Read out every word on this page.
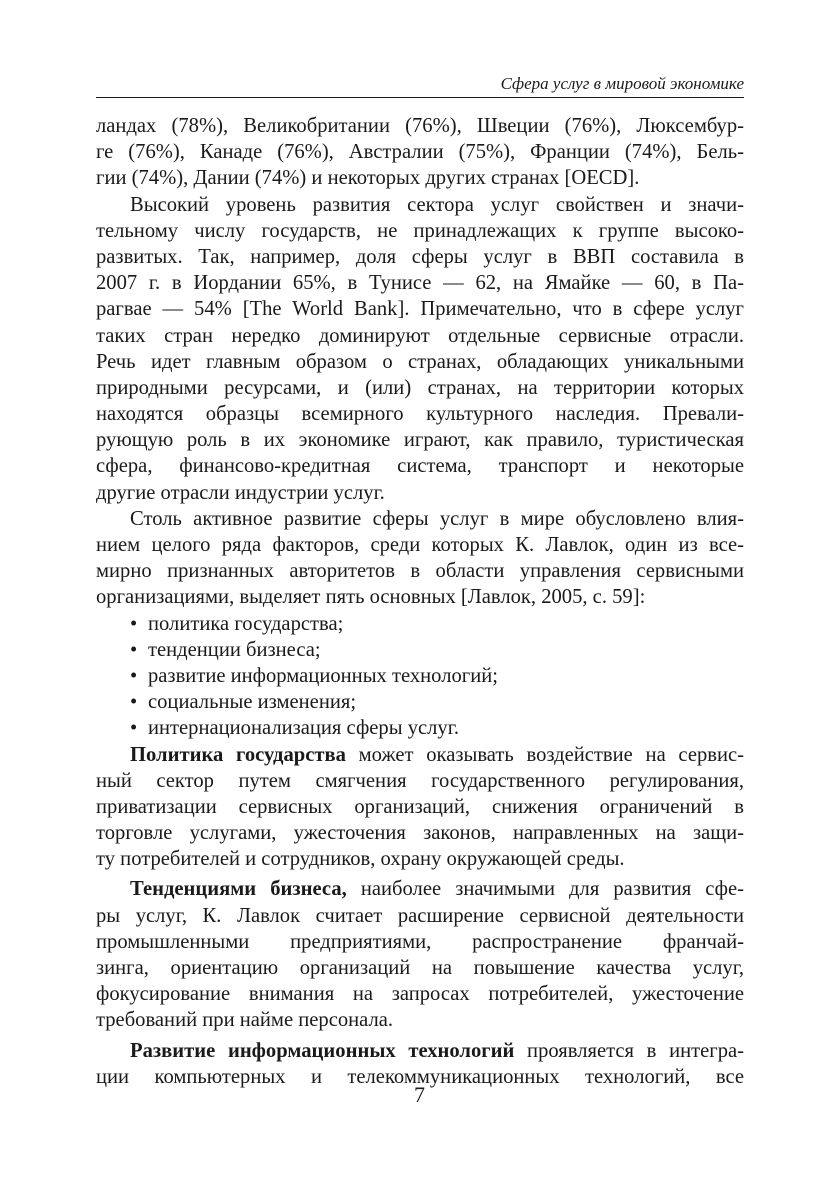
Сфера услуг в мировой экономике
ландах (78%), Великобритании (76%), Швеции (76%), Люксембур-
ге (76%), Канаде (76%), Австралии (75%), Франции (74%), Бель-
гии (74%), Дании (74%) и некоторых других странах [OECD].
Высокий уровень развития сектора услуг свойствен и значи-
тельному числу государств, не принадлежащих к группе высоко-
развитых. Так, например, доля сферы услуг в ВВП составила в
2007 г. в Иордании 65%, в Тунисе — 62, на Ямайке — 60, в Па-
рагвае — 54% [The World Bank]. Примечательно, что в сфере услуг
таких стран нередко доминируют отдельные сервисные отрасли.
Речь идет главным образом о странах, обладающих уникальными
природными ресурсами, и (или) странах, на территории которых
находятся образцы всемирного культурного наследия. Превали-
рующую роль в их экономике играют, как правило, туристическая
сфера, финансово-кредитная система, транспорт и некоторые
другие отрасли индустрии услуг.
Столь активное развитие сферы услуг в мире обусловлено влия-
нием целого ряда факторов, среди которых К. Лавлок, один из все-
мирно признанных авторитетов в области управления сервисными
организациями, выделяет пять основных [Лавлок, 2005, с. 59]:
• политика государства;
• тенденции бизнеса;
• развитие информационных технологий;
• социальные изменения;
• интернационализация сферы услуг.
Политика государства может оказывать воздействие на сервис-
ный сектор путем смягчения государственного регулирования,
приватизации сервисных организаций, снижения ограничений в
торговле услугами, ужесточения законов, направленных на защи-
ту потребителей и сотрудников, охрану окружающей среды.
Тенденциями бизнеса, наиболее значимыми для развития сфе-
ры услуг, К. Лавлок считает расширение сервисной деятельности
промышленными предприятиями, распространение франчай-
зинга, ориентацию организаций на повышение качества услуг,
фокусирование внимания на запросах потребителей, ужесточение
требований при найме персонала.
Развитие информационных технологий проявляется в интегра-
ции компьютерных и телекоммуникационных технологий, все
7
